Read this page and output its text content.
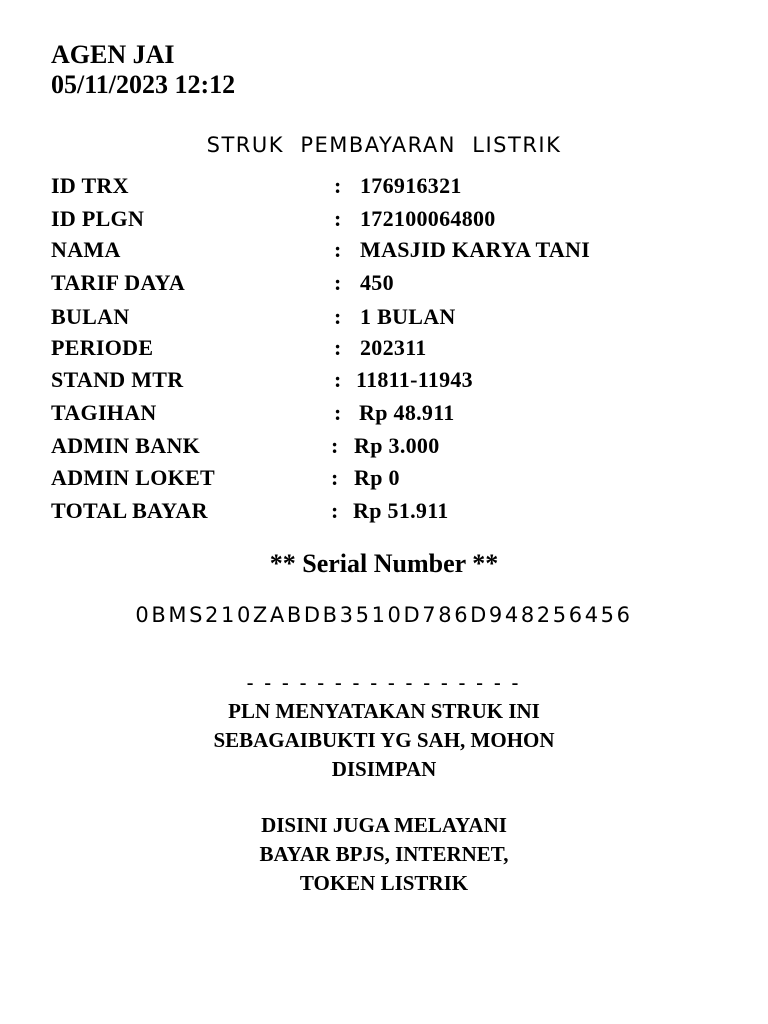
AGEN JAI
05/11/2023 12:12
STRUK  PEMBAYARAN  LISTRIK
ID TRX	: 176916321
ID PLGN	: 172100064800
NAMA	: MASJID KARYA TANI
TARIF DAYA	: 450
BULAN	: 1 BULAN
PERIODE	: 202311
STAND MTR	: 11811-11943
TAGIHAN	: Rp 48.911
ADMIN BANK	: Rp 3.000
ADMIN LOKET	: Rp 0
TOTAL BAYAR	: Rp 51.911
** Serial Number **
0BMS210ZABDB3510D786D948256456
- - - - - - - - - - - - - - - -
PLN MENYATAKAN STRUK INI
SEBAGAIBUKTI YG SAH, MOHON
DISIMPAN
DISINI JUGA MELAYANI
BAYAR BPJS, INTERNET,
TOKEN LISTRIK
